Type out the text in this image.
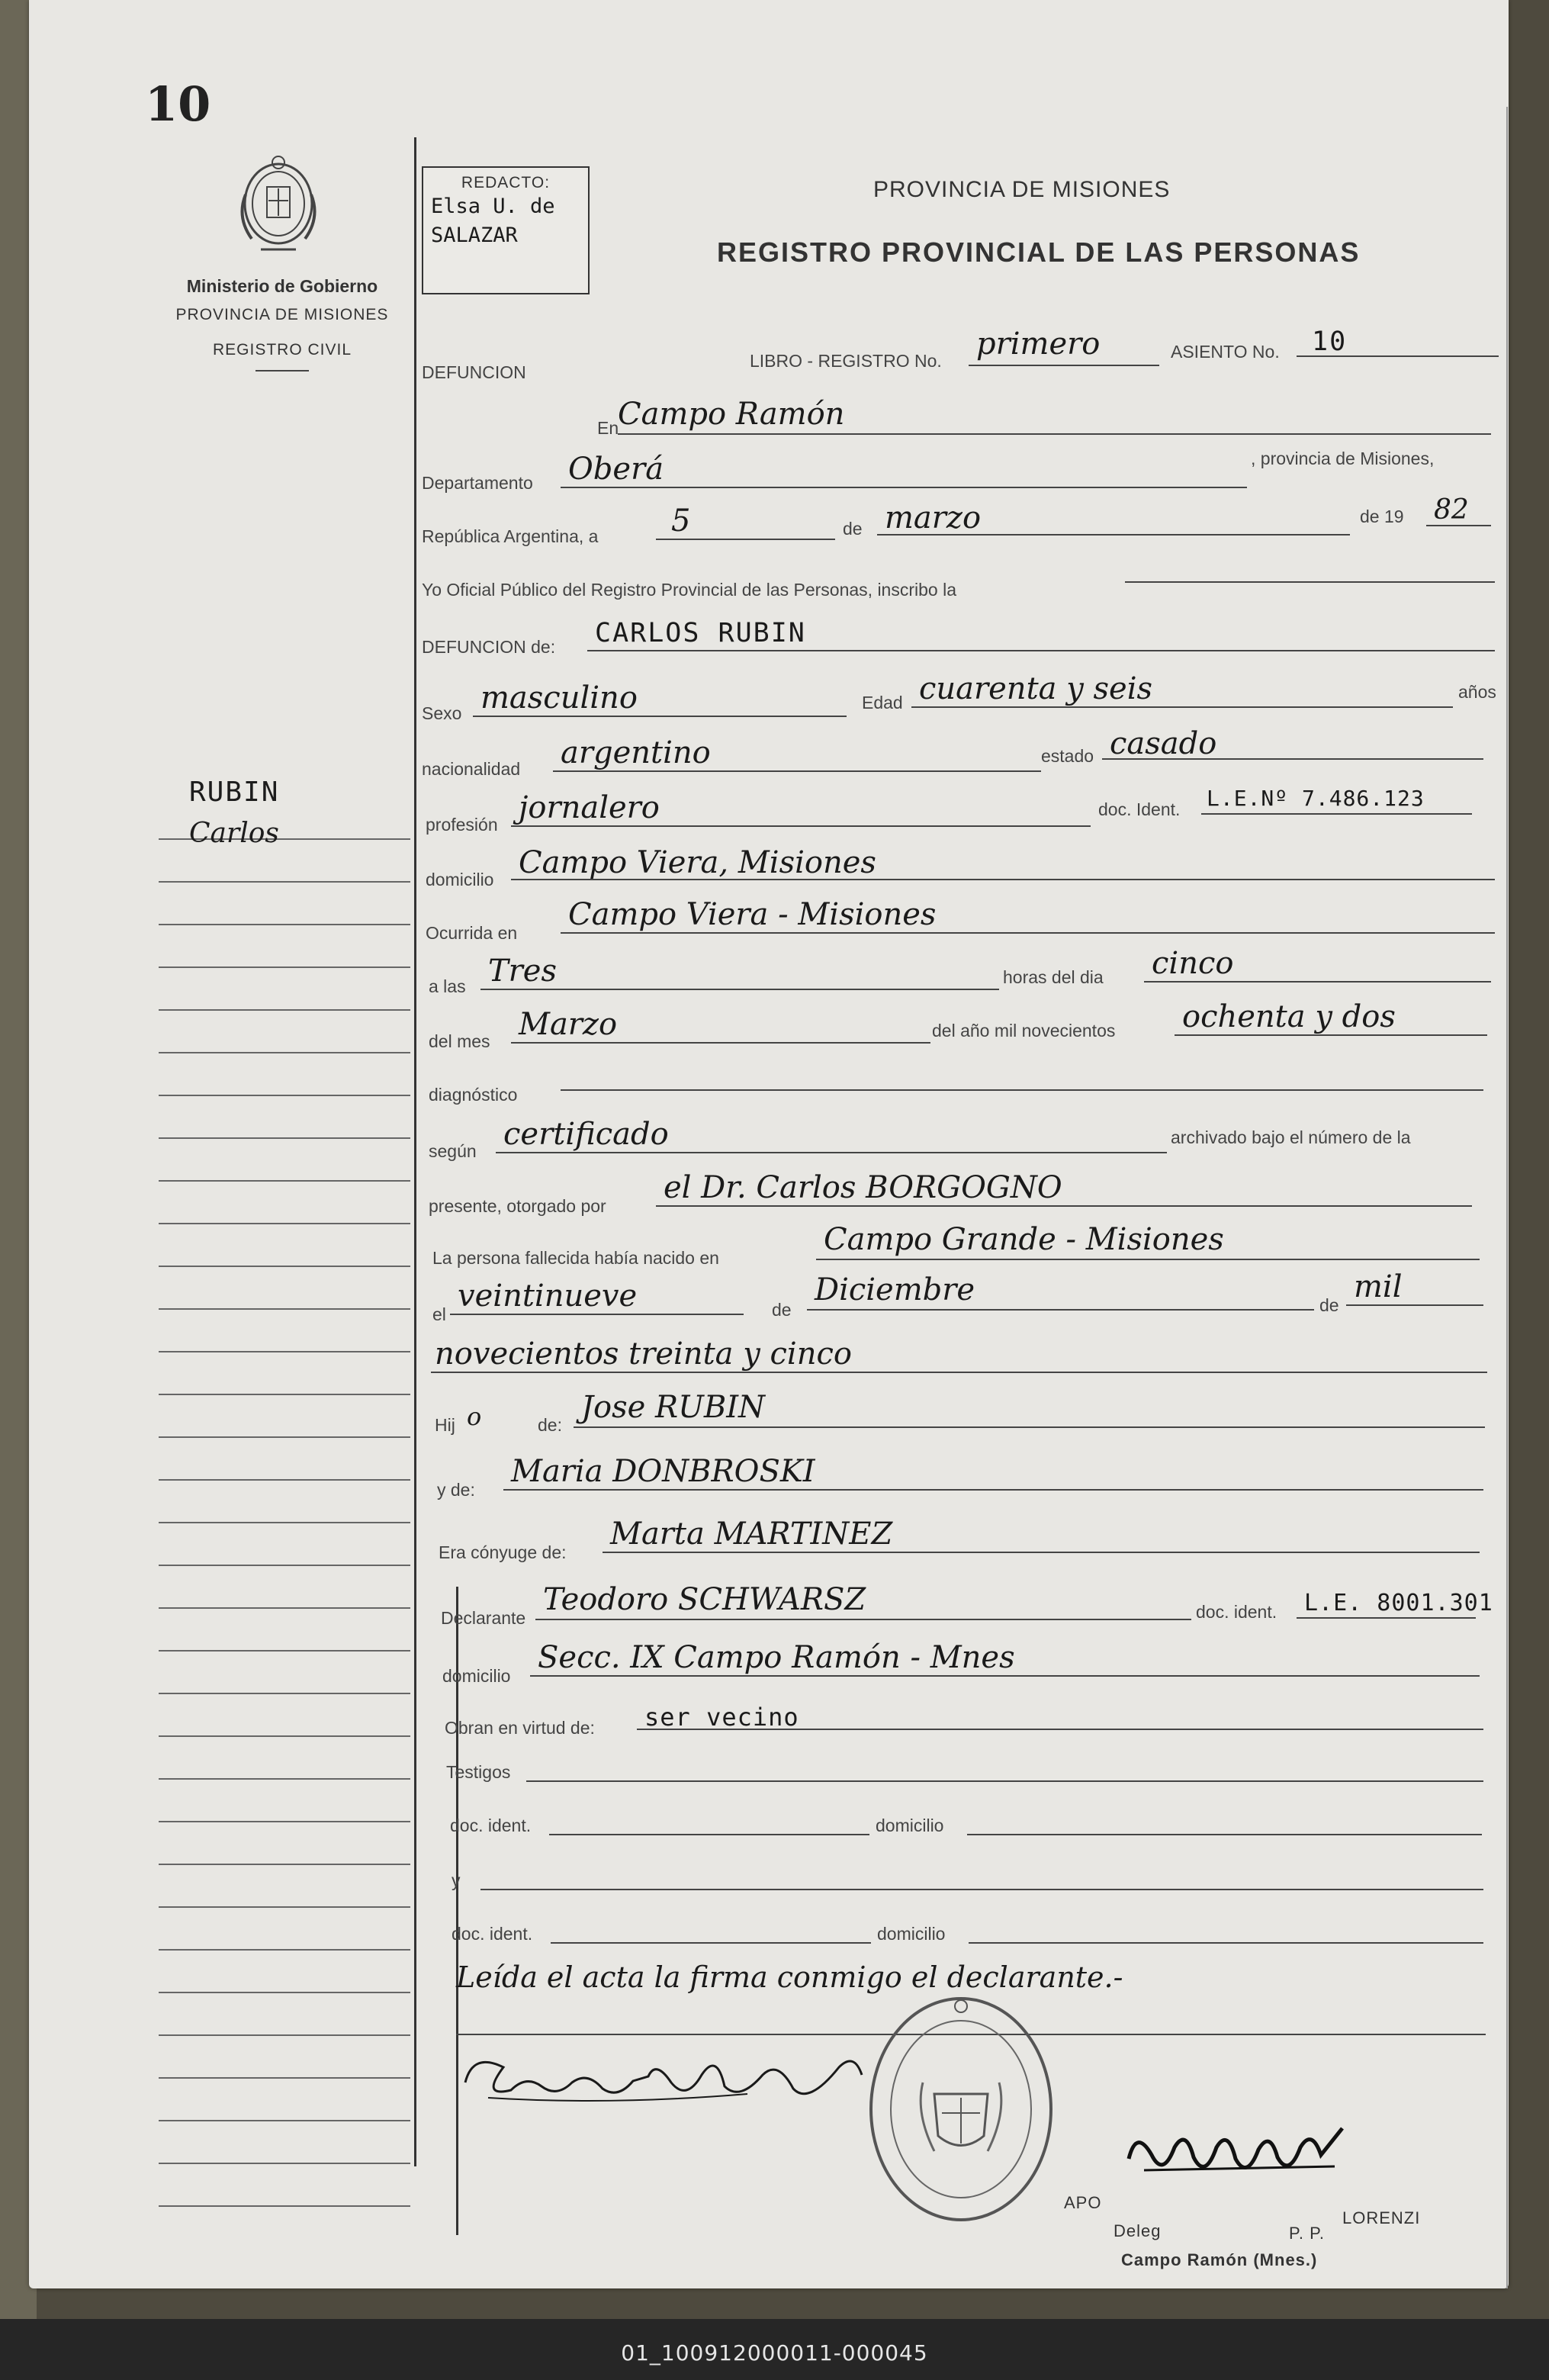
10
Ministerio de Gobierno
PROVINCIA DE MISIONES
REGISTRO CIVIL
RUBIN
Carlos
REDACTO:
Elsa U. de
SALAZAR
PROVINCIA DE MISIONES
REGISTRO PROVINCIAL DE LAS PERSONAS
DEFUNCION
LIBRO - REGISTRO No. primero	ASIENTO No. 10
En
Campo Ramón
Departamento Oberá	, provincia de Misiones,
República Argentina, a 5	de marzo	de 19 82
Yo Oficial Público del Registro Provincial de las Personas, inscribo la
DEFUNCION de: CARLOS RUBIN
Sexo masculino	Edad cuarenta y seis	años
nacionalidad argentino	estado casado
profesión jornalero	doc. Ident. L.E.Nº 7.486.123
domicilio Campo Viera, Misiones
Ocurrida en
Campo Viera - Misiones
a las Tres	horas del dia cinco
del mes Marzo	del año mil novecientos ochenta y dos
diagnóstico
según certificado	archivado bajo el número de la
presente, otorgado por
el Dr. Carlos BORGOGNO
La persona fallecida había nacido en
Campo Grande - Misiones
el
veintinueve	de
Diciembre	de
mil
novecientos treinta y cinco
Hij o	de: Jose RUBIN
y de:
Maria DONBROSKI
Era cónyuge de:
Marta MARTINEZ
Declarante
Teodoro SCHWARSZ	doc. ident. L.E. 8001.301
domicilio
Secc. IX Campo Ramón - Mnes
Obran en virtud de: ser vecino
Testigos
doc. ident.	domicilio
y
doc. ident.	domicilio
Leída el acta la firma conmigo el declarante.-
APO
LORENZI
Deleg	P. P.
Campo Ramón (Mnes.)
01_100912000011-000045
